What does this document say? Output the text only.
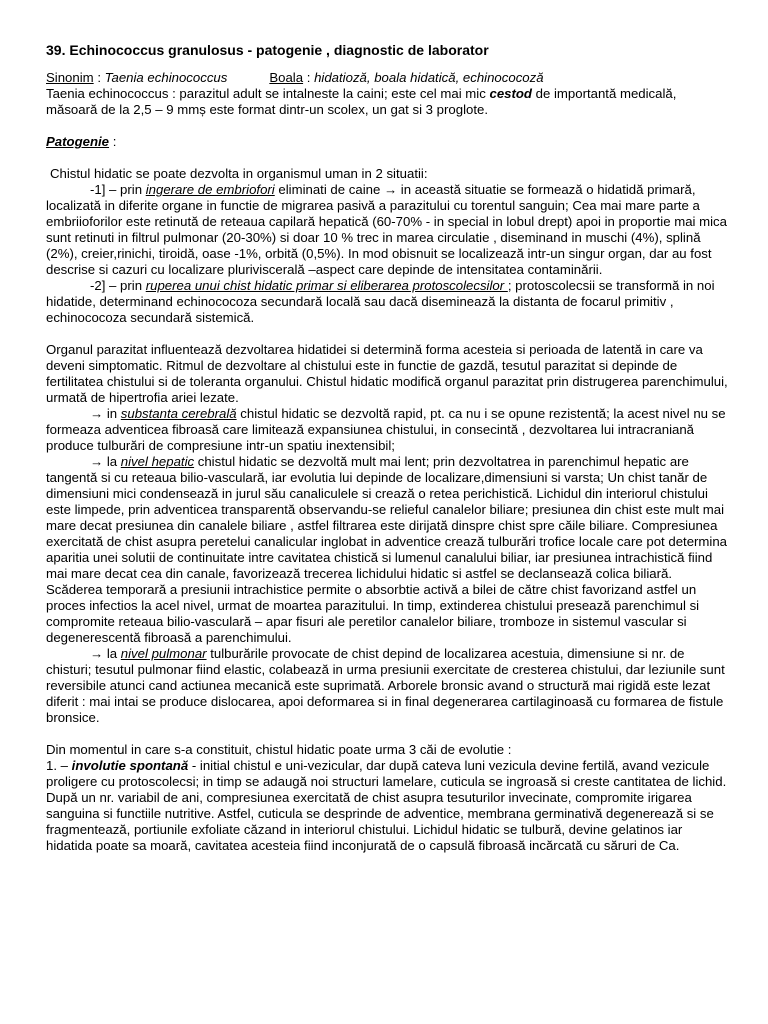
39. Echinococcus granulosus - patogenie , diagnostic de laborator

Sinonim : Taenia echinococcus	Boala : hidatioză, boala hidatică, echinococoză

Taenia echinococcus : parazitul adult se intalneste la caini; este cel mai mic cestod de importantă medicală, măsoară de la 2,5 – 9 mmș este format dintr-un scolex, un gat si 3 proglote.

Patogenie :

Chistul hidatic se poate dezvolta in organismul uman in 2 situatii:

-1] – prin ingerare de embriofori eliminati de caine → in această situatie se formează o hidatidă primară, localizată in diferite organe in functie de migrarea pasivă a parazitului cu torentul sanguin; Cea mai mare parte a embriioforilor este retinută de reteaua capilară hepatică (60-70% - in special in lobul drept) apoi in proportie mai mica sunt retinuti in filtrul pulmonar (20-30%) si doar 10 % trec in marea circulatie , diseminand in muschi (4%), splină (2%), creier,rinichi, tiroidă, oase -1%, orbită (0,5%). In mod obisnuit se localizează intr-un singur organ, dar au fost descrise si cazuri cu localizare pluriviscerală –aspect care depinde de intensitatea contaminării.

-2] – prin ruperea unui chist hidatic primar si eliberarea protoscolecsilor ; protoscolecsii se transformă in noi hidatide, determinand echinococoza secundară locală sau dacă diseminează la distanta de focarul primitiv , echinococoza secundară sistemică.

Organul parazitat influentează dezvoltarea hidatidei si determină forma acesteia si perioada de latentă in care va deveni simptomatic. Ritmul de dezvoltare al chistului este in functie de gazdă, tesutul parazitat si depinde de fertilitatea chistului si de toleranta organului. Chistul hidatic modifică organul parazitat prin distrugerea parenchimului, urmată de hipertrofia ariei lezate.

→ in substanta cerebrală chistul hidatic se dezvoltă rapid, pt. ca nu i se opune rezistentă; la acest nivel nu se formeaza adventicea fibroasă care limitează expansiunea chistului, in consecintă , dezvoltarea lui intracraniană produce tulburări de compresiune intr-un spatiu inextensibil;

→ la nivel hepatic chistul hidatic se dezvoltă mult mai lent; prin dezvoltatrea in parenchimul hepatic are tangentă si cu reteaua bilio-vasculară, iar evolutia lui depinde de localizare,dimensiuni si varsta; Un chist tanăr de dimensiuni mici condensează in jurul său canaliculele si crează o retea perichistică. Lichidul din interiorul chistului este limpede, prin adventicea transparentă observandu-se relieful canalelor biliare; presiunea din chist este mult mai mare decat presiunea din canalele biliare , astfel filtrarea este dirijată dinspre chist spre căile biliare. Compresiunea exercitată de chist asupra peretelui canalicular inglobat in adventice crează tulburări trofice locale care pot determina aparitia unei solutii de continuitate intre cavitatea chistică si lumenul canalului biliar, iar presiunea intrachistică fiind mai mare decat cea din canale, favorizează trecerea lichidului hidatic si astfel se declansează colica biliară. Scăderea temporară a presiunii intrachistice permite o absorbtie activă a bilei de către chist favorizand astfel un proces infectios la acel nivel, urmat de moartea parazitului. In timp, extinderea chistului presează parenchimul si compromite reteaua bilio-vasculară – apar fisuri ale peretilor canalelor biliare, tromboze in sistemul vascular si degenerescentă fibroasă a parenchimului.

→ la nivel pulmonar tulburările provocate de chist depind de localizarea acestuia, dimensiune si nr. de chisturi; tesutul pulmonar fiind elastic, colabează in urma presiunii exercitate de cresterea chistului, dar leziunile sunt reversibile atunci cand actiunea mecanică este suprimată. Arborele bronsic avand o structură mai rigidă este lezat diferit : mai intai se produce dislocarea, apoi deformarea si in final degenerarea cartilaginoasă cu formarea de fistule bronsice.

Din momentul in care s-a constituit, chistul hidatic poate urma 3 căi de evolutie :

1. – involutie spontană - initial chistul e uni-vezicular, dar după cateva luni vezicula devine fertilă, avand vezicule proligere cu protoscolecsi; in timp se adaugă noi structuri lamelare, cuticula se ingroasă si creste cantitatea de lichid. După un nr. variabil de ani, compresiunea exercitată de chist asupra tesuturilor invecinate, compromite irigarea sanguina si functiile nutritive. Astfel, cuticula se desprinde de adventice, membrana germinativă degenerează si se fragmentează, portiunile exfoliate căzand in interiorul chistului. Lichidul hidatic se tulbură, devine gelatinos iar hidatida poate sa moară, cavitatea acesteia fiind inconjurată de o capsulă fibroasă incărcată cu săruri de Ca.
